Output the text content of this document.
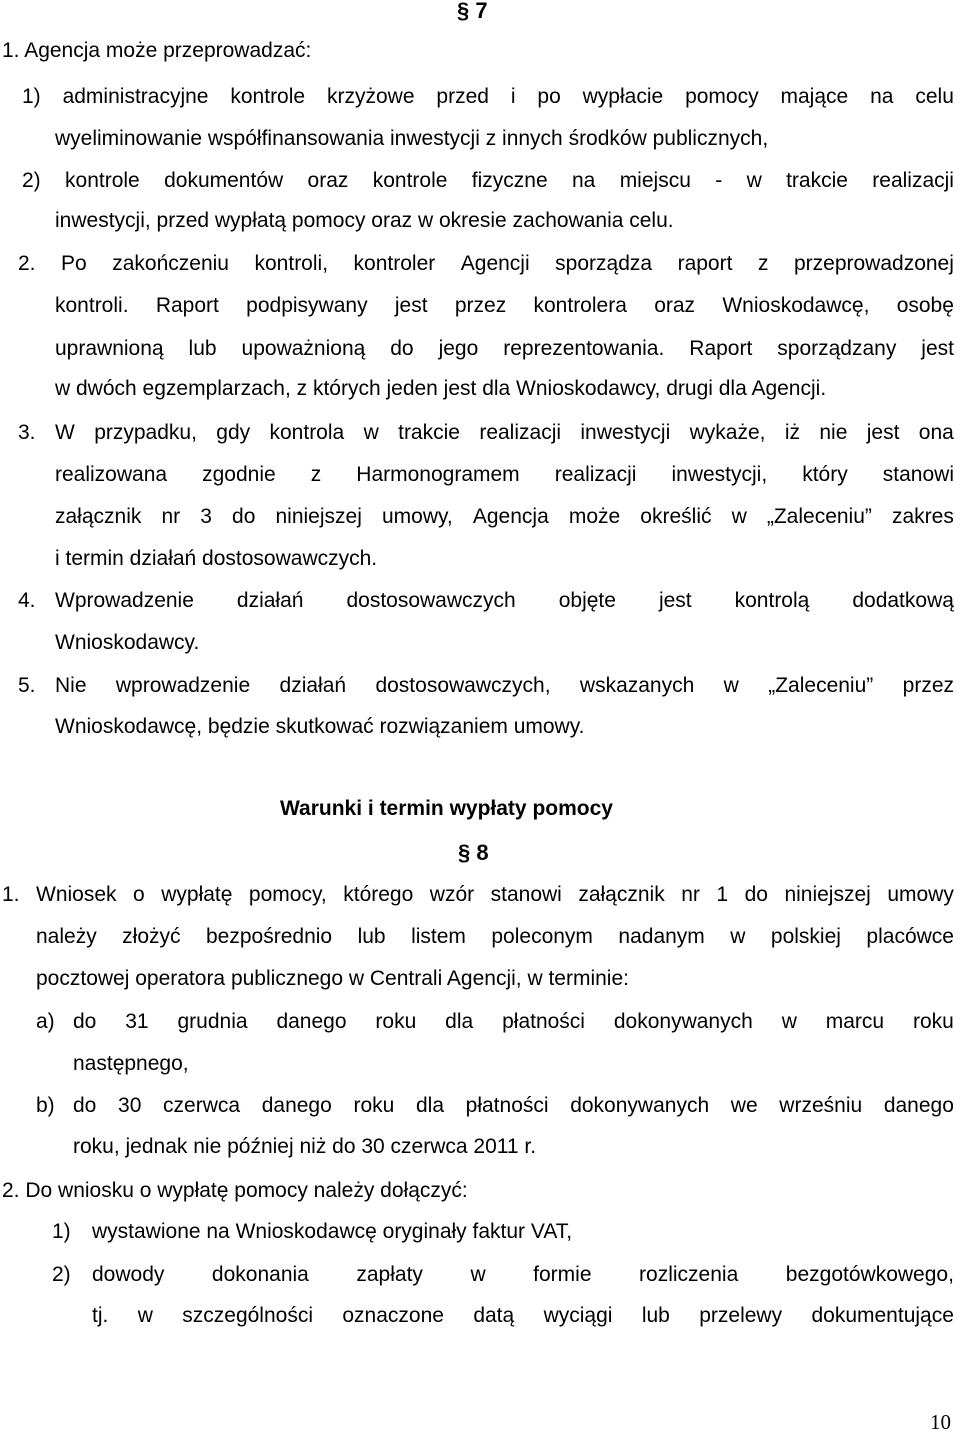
§ 7
1. Agencja może przeprowadzać:
1) administracyjne kontrole krzyżowe przed i po wypłacie pomocy mające na celu
wyeliminowanie współfinansowania inwestycji z innych środków publicznych,
2) kontrole dokumentów oraz kontrole fizyczne na miejscu - w trakcie realizacji
inwestycji, przed wypłatą pomocy oraz w okresie zachowania celu.
2. Po zakończeniu kontroli, kontroler Agencji sporządza raport z przeprowadzonej
kontroli. Raport podpisywany jest przez kontrolera oraz Wnioskodawcę, osobę
uprawnioną lub upoważnioną do jego reprezentowania. Raport sporządzany jest
w dwóch egzemplarzach, z których jeden jest dla Wnioskodawcy, drugi dla Agencji.
3. W przypadku, gdy kontrola w trakcie realizacji inwestycji wykaże, iż nie jest ona
realizowana zgodnie z Harmonogramem realizacji inwestycji, który stanowi
załącznik nr 3 do niniejszej umowy, Agencja może określić w „Zaleceniu” zakres
i termin działań dostosowawczych.
4. Wprowadzenie działań dostosowawczych objęte jest kontrolą dodatkową
Wnioskodawcy.
5. Nie wprowadzenie działań dostosowawczych, wskazanych w „Zaleceniu” przez
Wnioskodawcę, będzie skutkować rozwiązaniem umowy.
Warunki i termin wypłaty pomocy
§ 8
1. Wniosek o wypłatę pomocy, którego wzór stanowi załącznik nr 1 do niniejszej umowy
należy złożyć bezpośrednio lub listem poleconym nadanym w polskiej placówce
pocztowej operatora publicznego w Centrali Agencji, w terminie:
a) do 31 grudnia danego roku dla płatności dokonywanych w marcu roku
następnego,
b) do 30 czerwca danego roku dla płatności dokonywanych we wrześniu danego
roku, jednak nie później niż do 30 czerwca 2011 r.
2. Do wniosku o wypłatę pomocy należy dołączyć:
1) wystawione na Wnioskodawcę oryginały faktur VAT,
2) dowody dokonania zapłaty w formie rozliczenia bezgotówkowego,
tj. w szczególności oznaczone datą wyciągi lub przelewy dokumentujące
10
